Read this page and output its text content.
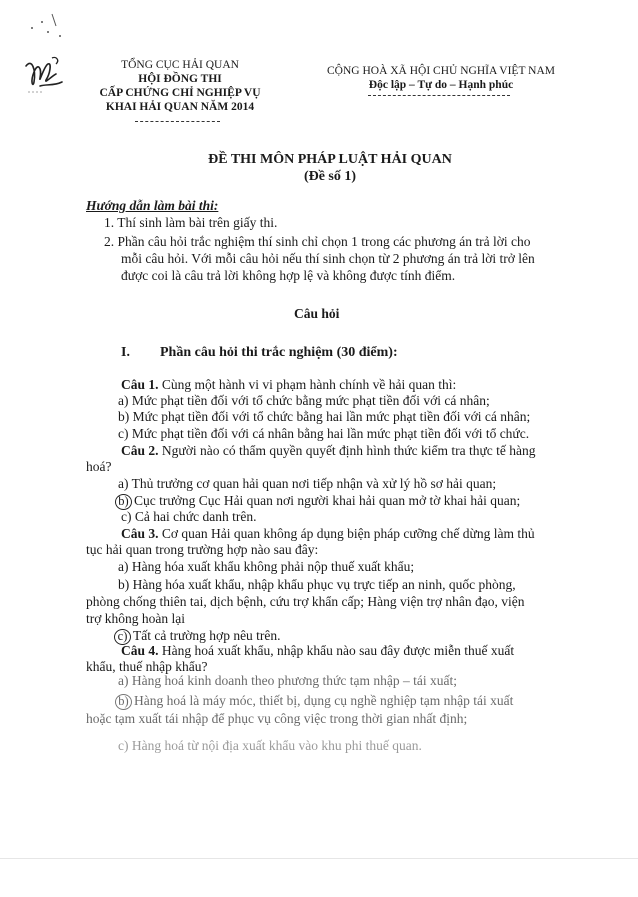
TỔNG CỤC HẢI QUAN
HỘI ĐỒNG THI
CẤP CHỨNG CHỈ NGHIỆP VỤ
KHAI HẢI QUAN NĂM 2014
CỘNG HOÀ XÃ HỘI CHỦ NGHĨA VIỆT NAM
Độc lập – Tự do – Hạnh phúc
ĐỀ THI MÔN PHÁP LUẬT HẢI QUAN
(Đề số 1)
Hướng dẫn làm bài thi:
1. Thí sinh làm bài trên giấy thi.
2. Phần câu hỏi trắc nghiệm thí sinh chỉ chọn 1 trong các phương án trả lời cho
mỗi câu hỏi. Với mỗi câu hỏi nếu thí sinh chọn từ 2 phương án trả lời trở lên
được coi là câu trả lời không hợp lệ và không được tính điểm.
Câu hỏi
I. Phần câu hỏi thi trắc nghiệm (30 điểm):
Câu 1. Cùng một hành vi vi phạm hành chính về hải quan thì:
a) Mức phạt tiền đối với tổ chức bằng mức phạt tiền đối với cá nhân;
b) Mức phạt tiền đối với tổ chức bằng hai lần mức phạt tiền đối với cá nhân;
c) Mức phạt tiền đối với cá nhân bằng hai lần mức phạt tiền đối với tổ chức.
Câu 2. Người nào có thẩm quyền quyết định hình thức kiểm tra thực tế hàng
hoá?
a) Thủ trưởng cơ quan hải quan nơi tiếp nhận và xử lý hồ sơ hải quan;
b) Cục trưởng Cục Hải quan nơi người khai hải quan mở tờ khai hải quan;
c) Cả hai chức danh trên.
Câu 3. Cơ quan Hải quan không áp dụng biện pháp cưỡng chế dừng làm thủ
tục hải quan trong trường hợp nào sau đây:
a) Hàng hóa xuất khẩu không phải nộp thuế xuất khẩu;
b) Hàng hóa xuất khẩu, nhập khẩu phục vụ trực tiếp an ninh, quốc phòng,
phòng chống thiên tai, dịch bệnh, cứu trợ khẩn cấp; Hàng viện trợ nhân đạo, viện
trợ không hoàn lại
c) Tất cả trường hợp nêu trên.
Câu 4. Hàng hoá xuất khẩu, nhập khẩu nào sau đây được miễn thuế xuất
khẩu, thuế nhập khẩu?
a) Hàng hoá kinh doanh theo phương thức tạm nhập – tái xuất;
b) Hàng hoá là máy móc, thiết bị, dụng cụ nghề nghiệp tạm nhập tái xuất
hoặc tạm xuất tái nhập để phục vụ công việc trong thời gian nhất định;
c) Hàng hoá từ nội địa xuất khẩu vào khu phi thuế quan.
